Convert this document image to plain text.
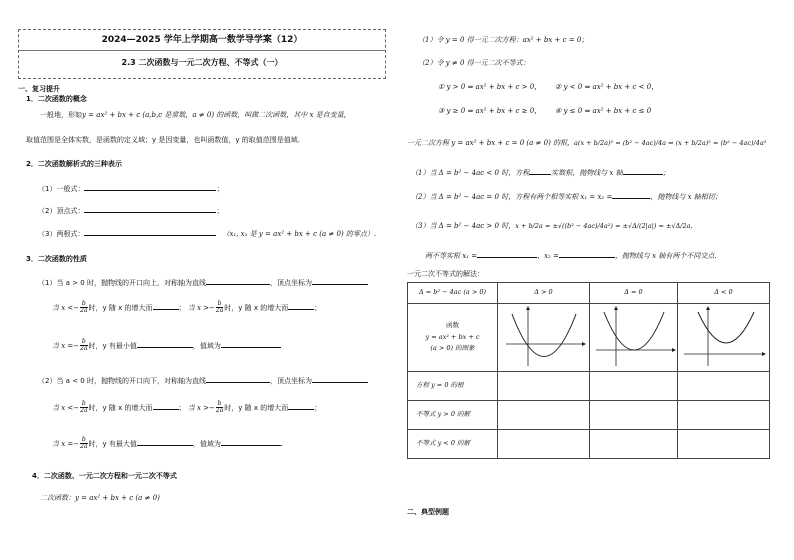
2024—2025 学年上学期高一数学导学案（12）
2.3 二次函数与一元二次方程、不等式（一）
一、复习提升
1．二次函数的概念
一般地，形如y = ax² + bx + c (a,b,c 是常数，a ≠ 0) 的函数，叫做二次函数，其中 x 是自变量，
取值范围是全体实数，是函数的定义域；y 是因变量，也叫函数值，y 的取值范围是值域.
2．二次函数解析式的三种表示
（1）一般式：	；
（2）顶点式：	；
（3）两根式：	（x₁, x₂ 是 y = ax² + bx + c (a ≠ 0) 的零点）.
3．二次函数的性质
（1）当 a > 0 时，抛物线的开口向上，对称轴为直线	，顶点坐标为
当 $x <- \frac{b}{2a}$ 时，y 随 x 的增大而	； 当 $x >- \frac{b}{2a}$ 时，y 随 x 的增大而	；
当 $x =- \frac{b}{2a}$ 时，y 有最小值	，值域为
（2）当 a < 0 时，抛物线的开口向下，对称轴为直线	，顶点坐标为
当 $x <- \frac{b}{2a}$ 时，y 随 x 的增大而	； 当 $x >- \frac{b}{2a}$ 时，y 随 x 的增大而	；
当 $x =- \frac{b}{2a}$ 时，y 有最大值	，值域为	.
4．二次函数、一元二次方程和一元二次不等式
二次函数：y = ax² + bx + c (a ≠ 0)
（1）令 y = 0 得一元二次方程：ax² + bx + c = 0；
（2）令 y ≠ 0 得一元二次不等式：
① y > 0 ⇔ ax² + bx + c > 0， ② y < 0 ⇔ ax² + bx + c < 0，
③ y ≥ 0 ⇔ ax² + bx + c ≥ 0， ④ y ≤ 0 ⇔ ax² + bx + c ≤ 0
一元二次方程 y = ax² + bx + c = 0 (a ≠ 0) 的根，a(x + b/2a)² = (b² − 4ac)/4a ⇒ (x + b/2a)² = (b² − 4ac)/4a²
（1）当 Δ = b² − 4ac < 0 时，方程	实数根，抛物线与 x 轴	；
（2）当 Δ = b² − 4ac = 0 时，方程有两个相等实根 x₁ = x₂ =	，抛物线与 x 轴相切；
（3）当 Δ = b² − 4ac > 0 时，x + b/2a = ±√((b² − 4ac)/4a²) = ±√Δ/(2|a|) = ±√Δ/2a，
两不等实根 x₁ =	，x₂ =	，抛物线与 x 轴有两个不同交点.
一元二次不等式的解法：
Δ = b² − 4ac (a > 0)	Δ > 0	Δ = 0	Δ < 0

函数
y = ax² + bx + c
(a > 0) 的图象

方程 y = 0 的根			
不等式 y > 0 的解			
不等式 y < 0 的解			
二、典型例题
